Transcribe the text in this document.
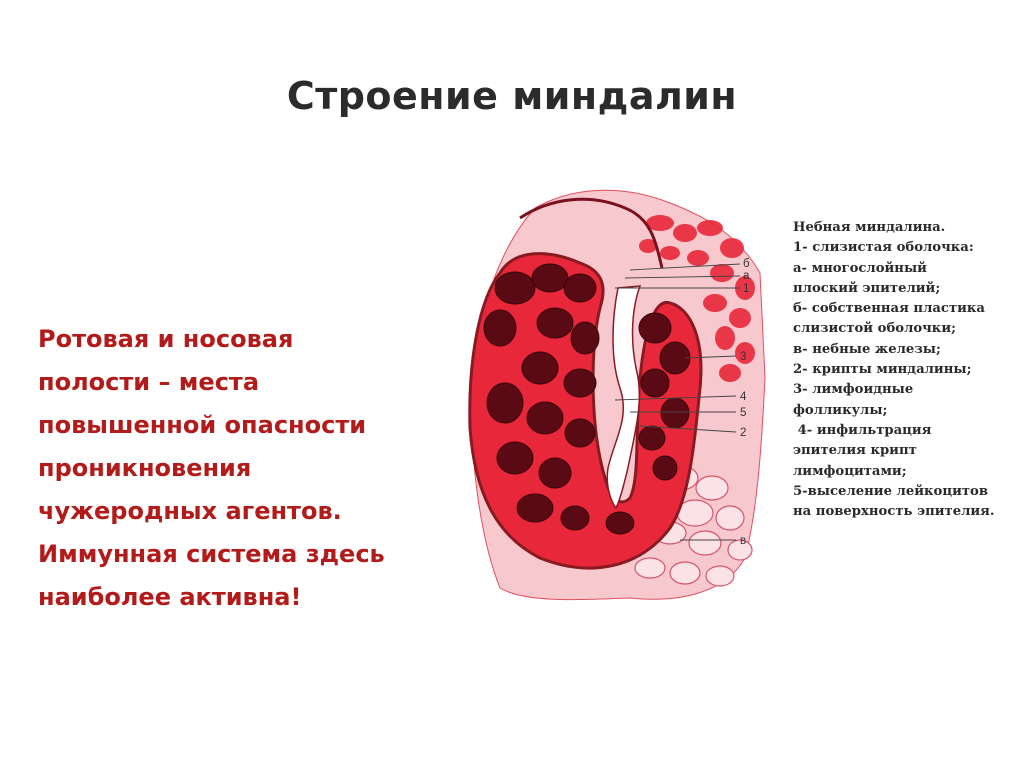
Строение миндалин
Ротовая и носовая
полости – места
повышенной опасности
проникновения
чужеродных агентов.
Иммунная система здесь
наиболее активна!
б
а
1
3
4
5
2
в
Небная миндалина.
1- слизистая оболочка:
а- многослойный
плоский эпителий;
б- собственная пластика
слизистой оболочки;
в- небные железы;
2- крипты миндалины;
3- лимфоидные
фолликулы;
4- инфильтрация
эпителия крипт
лимфоцитами;
5-выселение лейкоцитов
на поверхность эпителия.
